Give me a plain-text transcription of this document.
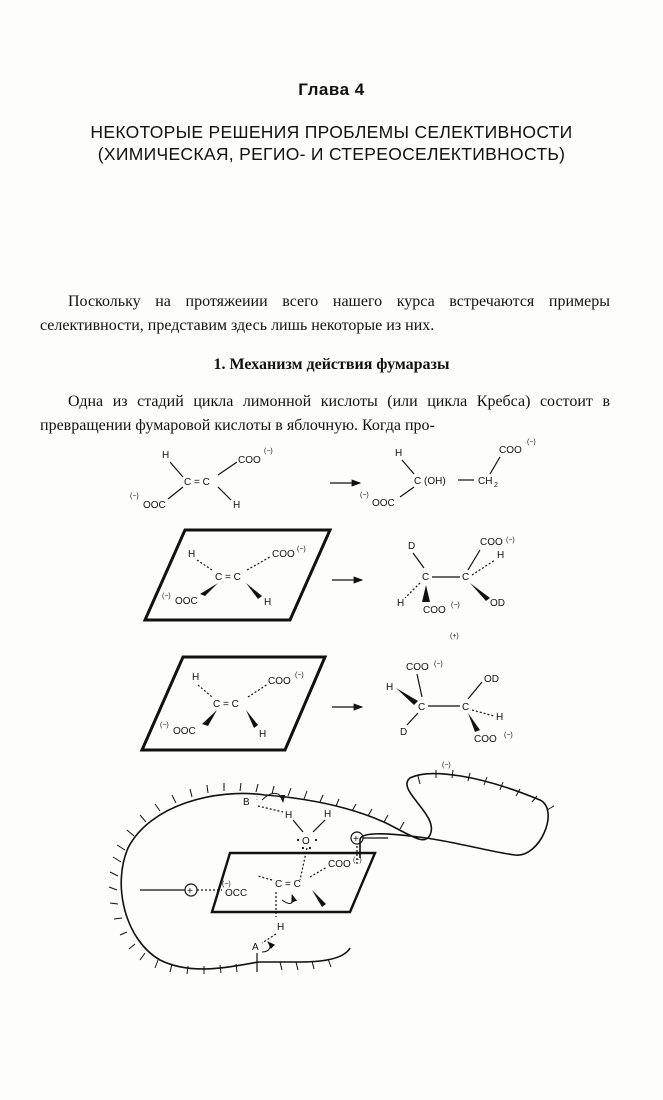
Глава 4
НЕКОТОРЫЕ РЕШЕНИЯ ПРОБЛЕМЫ СЕЛЕКТИВНОСТИ
(ХИМИЧЕСКАЯ, РЕГИО- И СТЕРЕОСЕЛЕКТИВНОСТЬ)

Поскольку на протяжеиии всего нашего курса встречаются примеры селективности, представим здесь лишь некоторые из них.

1. Механизм действия фумаразы

Одна из стадий цикла лимонной кислоты (или цикла Кребса) состоит в превращении фумаровой кислоты в яблочную. Когда про-

H
C = C
COO
(−)
(−)
OOC	H
H
C (OH)	CH 2
COO
(−)
(−)
OOC
H
C = C
COO (−)
(−) OOC	H
D
C	C
COO (−)
H
OD
H
COO (−)
(+)
H
C = C
COO
(−)
(−)
OOC	H
COO (−)
H
C	C
OD
D
H
COO (−)
(−)
B :
H	H
O	+
C = C
COO (−)
(−)
OCC
+
H
A
